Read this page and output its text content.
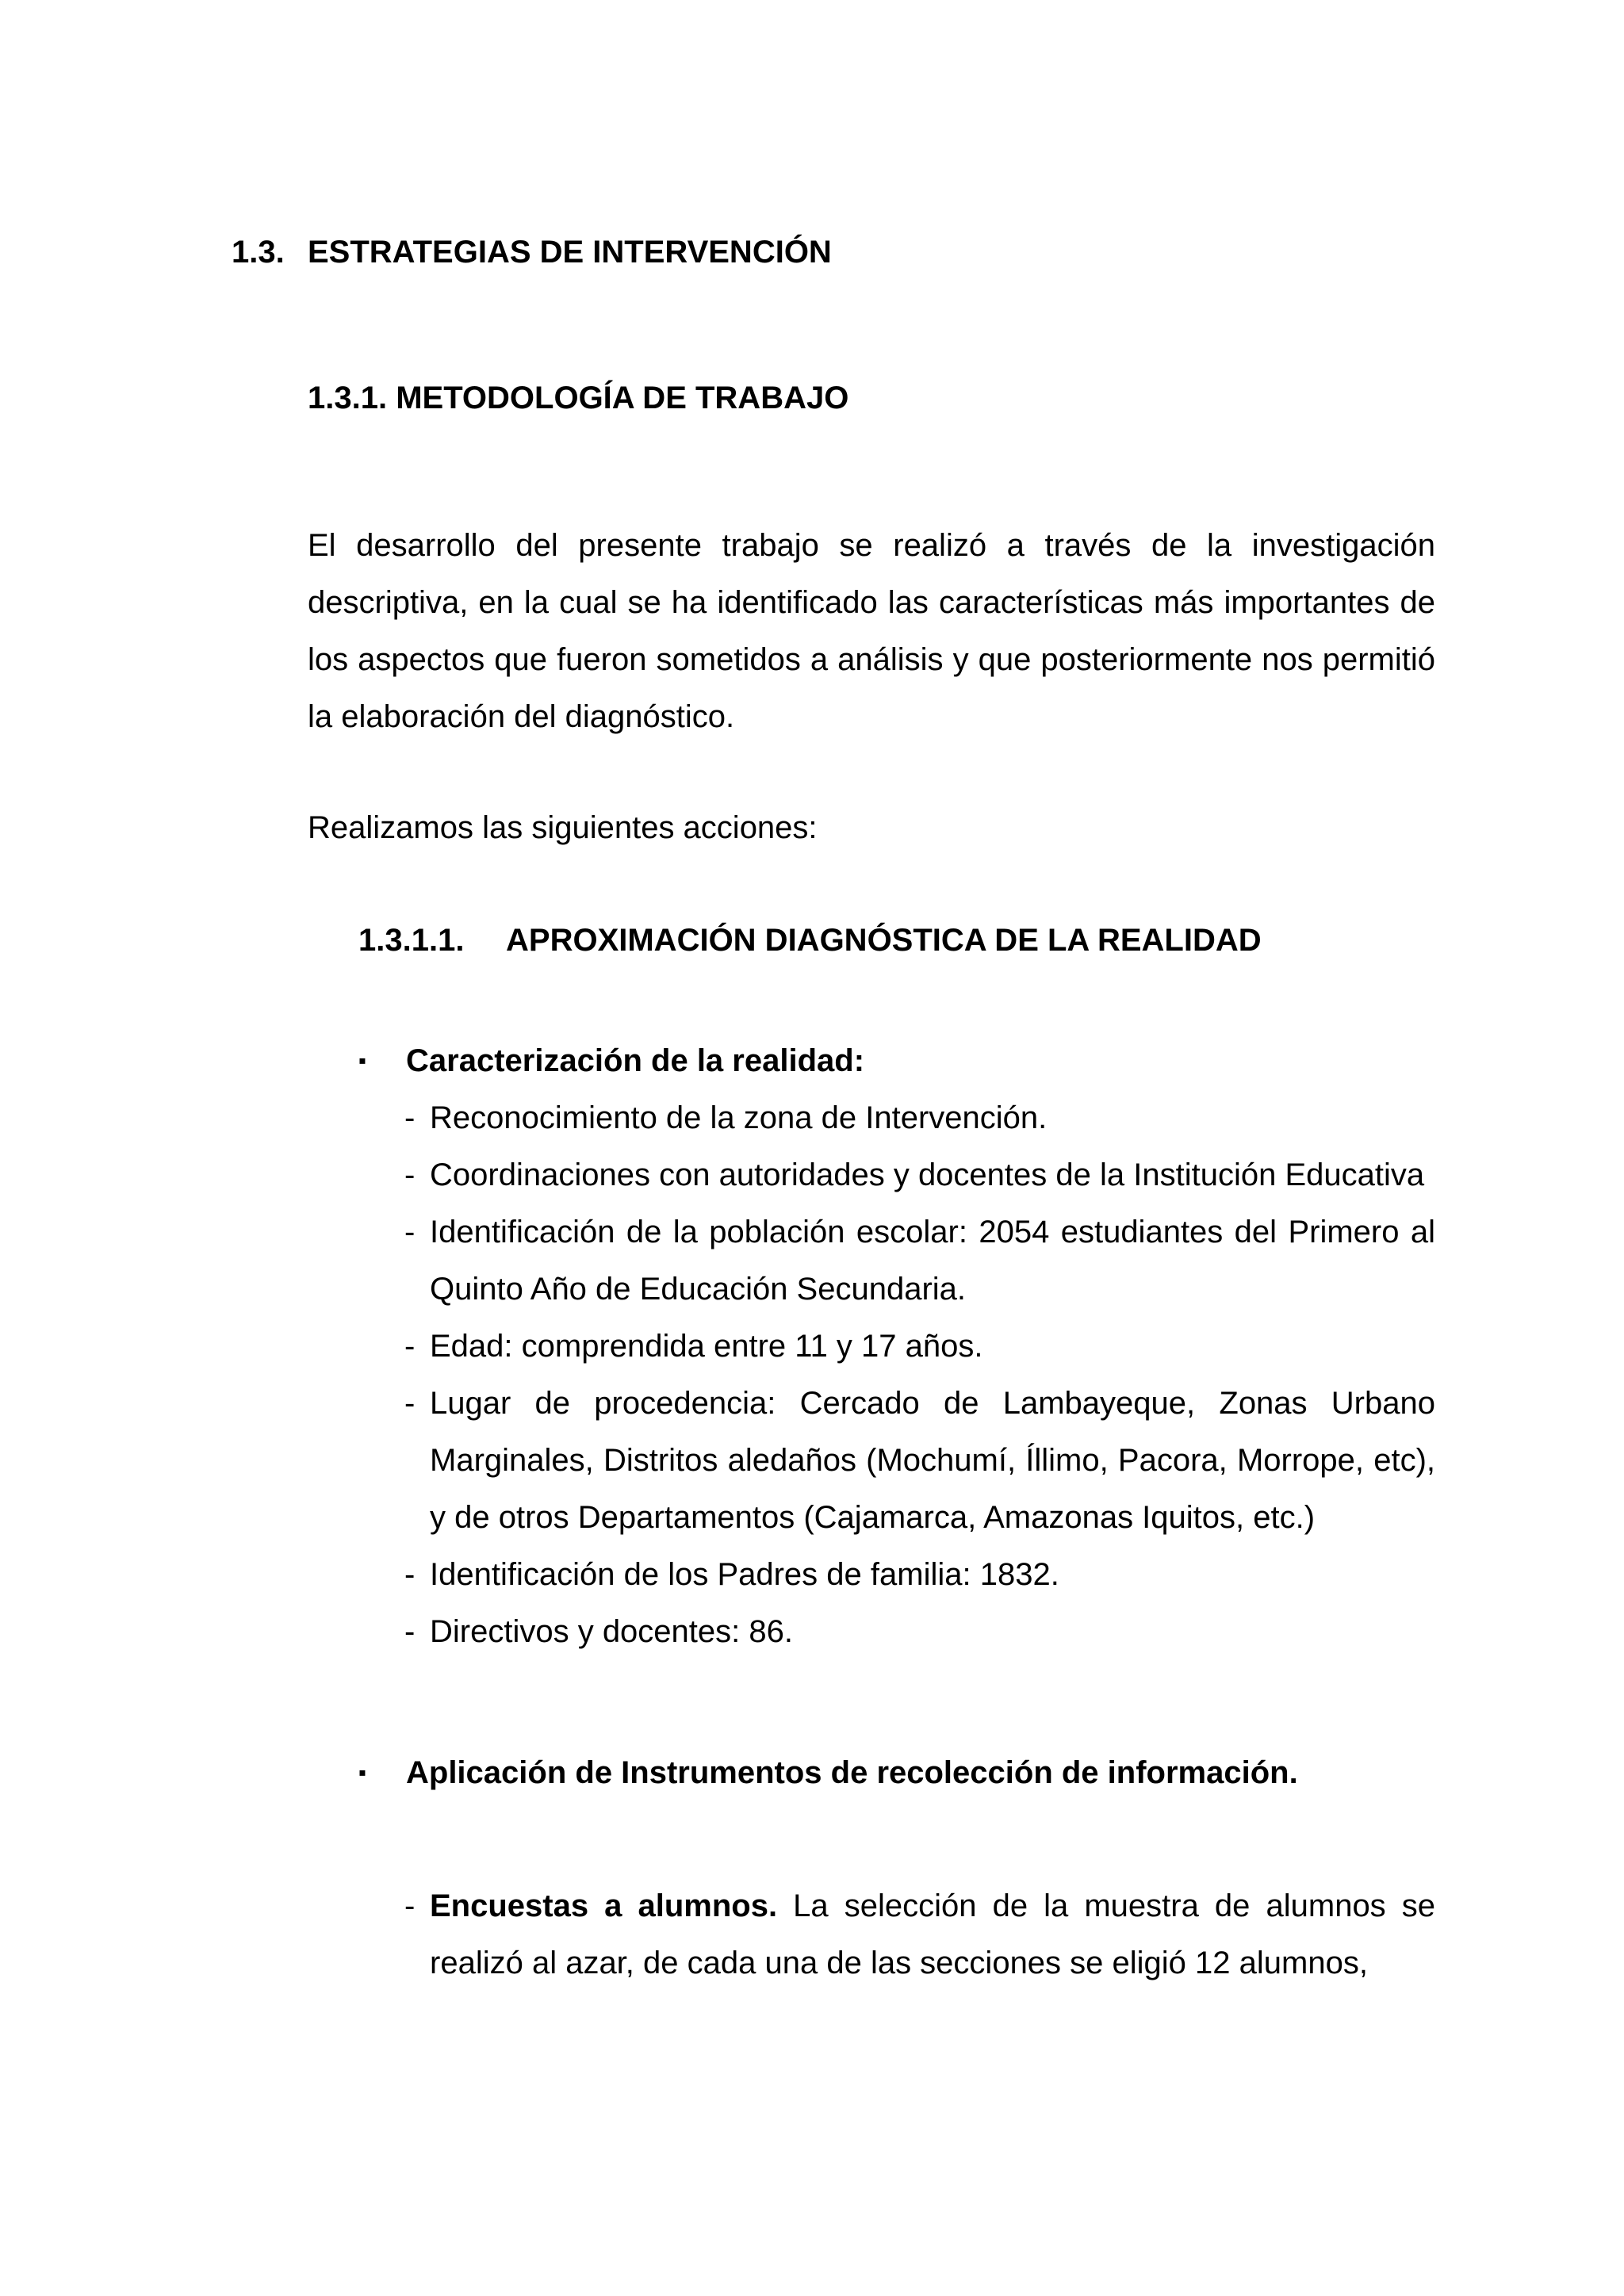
1.3. ESTRATEGIAS DE INTERVENCIÓN
1.3.1. METODOLOGÍA DE TRABAJO
El desarrollo del presente trabajo se realizó a través de la investigación descriptiva, en la cual se ha identificado las características más importantes de los aspectos que fueron sometidos a análisis y que posteriormente nos permitió la elaboración del diagnóstico.
Realizamos las siguientes acciones:
1.3.1.1. APROXIMACIÓN DIAGNÓSTICA DE LA REALIDAD
▪	Caracterización de la realidad:
- Reconocimiento de la zona de Intervención.
- Coordinaciones con autoridades y docentes de la Institución Educativa
- Identificación de la población escolar: 2054 estudiantes del Primero al Quinto Año de Educación Secundaria.
- Edad: comprendida entre 11 y 17 años.
- Lugar de procedencia: Cercado de Lambayeque, Zonas Urbano Marginales, Distritos aledaños (Mochumí, Íllimo, Pacora, Morrope, etc), y de otros Departamentos (Cajamarca, Amazonas Iquitos, etc.)
- Identificación de los Padres de familia: 1832.
- Directivos y docentes: 86.
▪	Aplicación de Instrumentos de recolección de información.
- Encuestas a alumnos. La selección de la muestra de alumnos se realizó al azar, de cada una de las secciones se eligió 12 alumnos,
